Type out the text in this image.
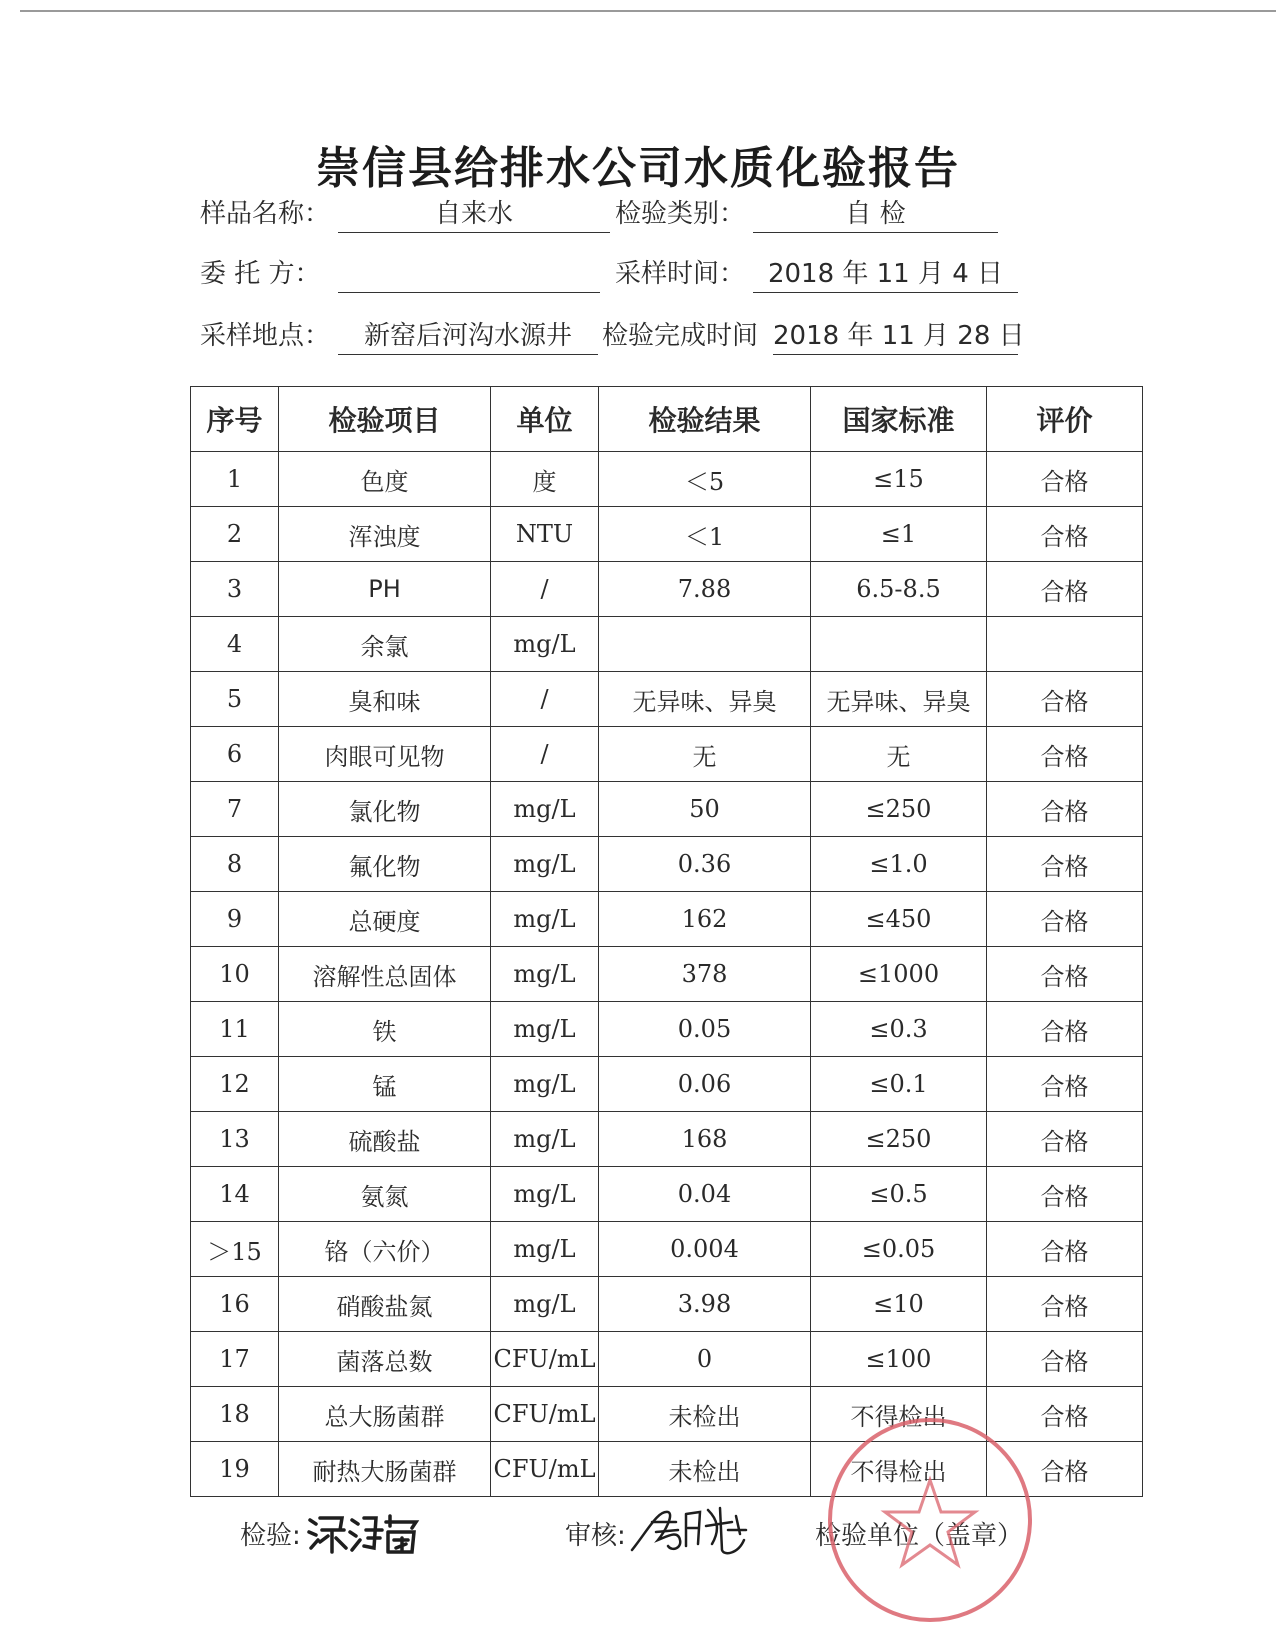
崇信县给排水公司水质化验报告
样品名称：	自来水	检验类别：	自 检
委 托 方：	采样时间： 2018 年 11 月 4 日
采样地点：	新窑后河沟水源井	检验完成时间 2018 年 11 月 28 日
序号	检验项目	单位	检验结果	国家标准	评价
1	色度	度	＜5	≤15	合格
2	浑浊度	NTU	＜1	≤1	合格
3	PH	/	7.88	6.5-8.5	合格
4	余氯	mg/L			
5	臭和味	/	无异味、异臭	无异味、异臭	合格
6	肉眼可见物	/	无	无	合格
7	氯化物	mg/L	50	≤250	合格
8	氟化物	mg/L	0.36	≤1.0	合格
9	总硬度	mg/L	162	≤450	合格
10	溶解性总固体	mg/L	378	≤1000	合格
11	铁	mg/L	0.05	≤0.3	合格
12	锰	mg/L	0.06	≤0.1	合格
13	硫酸盐	mg/L	168	≤250	合格
14	氨氮	mg/L	0.04	≤0.5	合格
＞15	铬（六价）	mg/L	0.004	≤0.05	合格
16	硝酸盐氮	mg/L	3.98	≤10	合格
17	菌落总数	CFU/mL	0	≤100	合格
18	总大肠菌群	CFU/mL	未检出	不得检出	合格
19	耐热大肠菌群	CFU/mL	未检出	不得检出	合格
检验:	审核:	检验单位（盖章）
